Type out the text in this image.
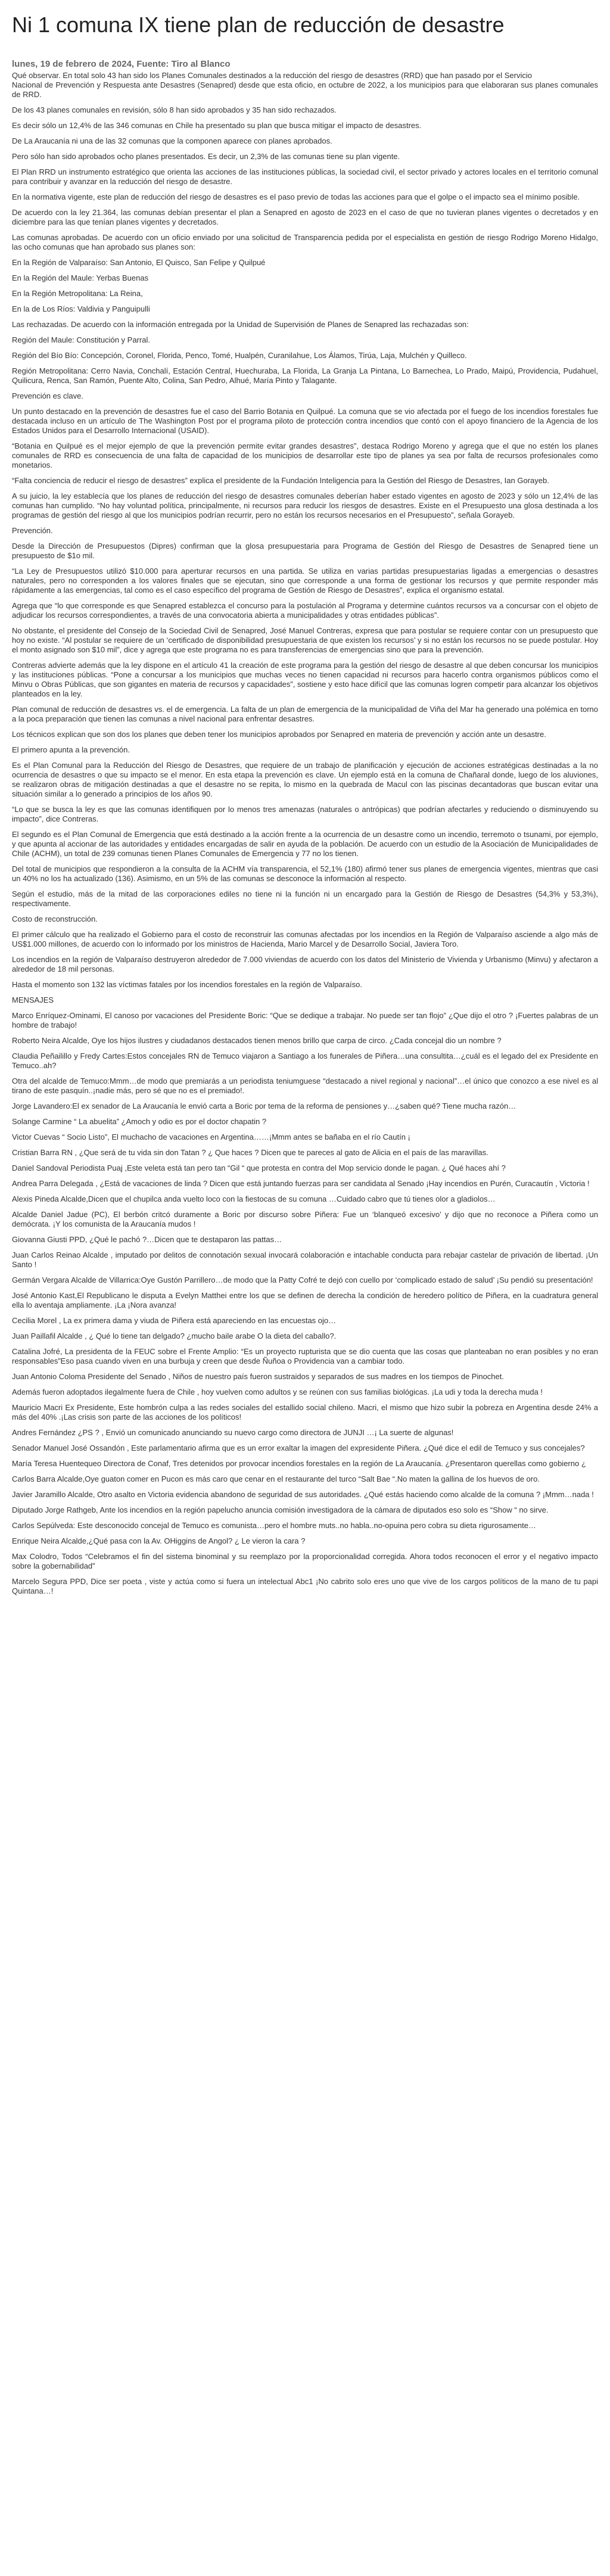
Ni 1 comuna IX tiene plan de reducción de desastre
lunes, 19 de febrero de 2024, Fuente: Tiro al Blanco

Qué observar. En total solo 43 han sido los Planes Comunales destinados a la reducción del riesgo de desastres (RRD) que han pasado por el Servicio
Nacional de Prevención y Respuesta ante Desastres (Senapred) desde que esta oficio, en octubre de 2022, a los municipios para que elaboraran sus planes comunales de RRD.

De los 43 planes comunales en revisión, sólo 8 han sido aprobados y 35 han sido rechazados.

Es decir sólo un 12,4% de las 346 comunas en Chile ha presentado su plan que busca mitigar el impacto de desastres.

De La Araucanía ni una de las 32 comunas que la componen aparece con planes aprobados.

Pero sólo han sido aprobados ocho planes presentados. Es decir, un 2,3% de las comunas tiene su plan vigente.

El Plan RRD un instrumento estratégico que orienta las acciones de las instituciones públicas, la sociedad civil, el sector privado y actores locales en el territorio comunal para contribuir y avanzar en la reducción del riesgo de desastre.

En la normativa vigente, este plan de reducción del riesgo de desastres es el paso previo de todas las acciones para que el golpe o el impacto sea el mínimo posible.

De acuerdo con la ley 21.364, las comunas debían presentar el plan a Senapred en agosto de 2023 en el caso de que no tuvieran planes vigentes o decretados y en diciembre para las que tenían planes vigentes y decretados.

Las comunas aprobadas. De acuerdo con un oficio enviado por una solicitud de Transparencia pedida por el especialista en gestión de riesgo Rodrigo Moreno Hidalgo, las ocho comunas que han aprobado sus planes son:

En la Región de Valparaíso: San Antonio, El Quisco, San Felipe y Quilpué

En la Región del Maule: Yerbas Buenas

En la Región Metropolitana: La Reina,

En la de Los Ríos: Valdivia y Panguipulli

Las rechazadas. De acuerdo con la información entregada por la Unidad de Supervisión de Planes de Senapred las rechazadas son:

Región del Maule: Constitución y Parral.

Región del Bío Bío: Concepción, Coronel, Florida, Penco, Tomé, Hualpén, Curanilahue, Los Álamos, Tirúa, Laja, Mulchén y Quilleco.

Región Metropolitana: Cerro Navia, Conchalí, Estación Central, Huechuraba, La Florida, La Granja La Pintana, Lo Barnechea, Lo Prado, Maipú, Providencia, Pudahuel, Quilicura, Renca, San Ramón, Puente Alto, Colina, San Pedro, Alhué, María Pinto y Talagante.

Prevención es clave.

Un punto destacado en la prevención de desastres fue el caso del Barrio Botania en Quilpué. La comuna que se vio afectada por el fuego de los incendios forestales fue destacada incluso en un artículo de The Washington Post por el programa piloto de protección contra incendios que contó con el apoyo financiero de la Agencia de los Estados Unidos para el Desarrollo Internacional (USAID).

“Botania en Quilpué es el mejor ejemplo de que la prevención permite evitar grandes desastres”, destaca Rodrigo Moreno y agrega que el que no estén los planes comunales de RRD es consecuencia de una falta de capacidad de los municipios de desarrollar este tipo de planes ya sea por falta de recursos profesionales como monetarios.

“Falta conciencia de reducir el riesgo de desastres” explica el presidente de la Fundación Inteligencia para la Gestión del Riesgo de Desastres, Ian Gorayeb.

A su juicio, la ley establecía que los planes de reducción del riesgo de desastres comunales deberían haber estado vigentes en agosto de 2023 y sólo un 12,4% de las comunas han cumplido. “No hay voluntad política, principalmente, ni recursos para reducir los riesgos de desastres. Existe en el Presupuesto una glosa destinada a los programas de gestión del riesgo al que los municipios podrían recurrir, pero no están los recursos necesarios en el Presupuesto”, señala Gorayeb.

Prevención.

Desde la Dirección de Presupuestos (Dipres) confirman que la glosa presupuestaria para Programa de Gestión del Riesgo de Desastres de Senapred tiene un presupuesto de $1o mil.

“La Ley de Presupuestos utilizó $10.000 para aperturar recursos en una partida. Se utiliza en varias partidas presupuestarias ligadas a emergencias o desastres naturales, pero no corresponden a los valores finales que se ejecutan, sino que corresponde a una forma de gestionar los recursos y que permite responder más rápidamente a las emergencias, tal como es el caso específico del programa de Gestión de Riesgo de Desastres”, explica el organismo estatal.

Agrega que “lo que corresponde es que Senapred establezca el concurso para la postulación al Programa y determine cuántos recursos va a concursar con el objeto de adjudicar los recursos correspondientes, a través de una convocatoria abierta a municipalidades y otras entidades públicas”.

No obstante, el presidente del Consejo de la Sociedad Civil de Senapred, José Manuel Contreras, expresa que para postular se requiere contar con un presupuesto que hoy no existe. “Al postular se requiere de un ‘certificado de disponibilidad presupuestaria de que existen los recursos’ y si no están los recursos no se puede postular. Hoy el monto asignado son $10 mil”, dice y agrega que este programa no es para transferencias de emergencias sino que para la prevención.

Contreras advierte además que la ley dispone en el artículo 41 la creación de este programa para la gestión del riesgo de desastre al que deben concursar los municipios y las instituciones públicas. “Pone a concursar a los municipios que muchas veces no tienen capacidad ni recursos para hacerlo contra organismos públicos como el Minvu o Obras Públicas, que son gigantes en materia de recursos y capacidades”, sostiene y esto hace difícil que las comunas logren competir para alcanzar los objetivos planteados en la ley.

Plan comunal de reducción de desastres vs. el de emergencia. La falta de un plan de emergencia de la municipalidad de Viña del Mar ha generado una polémica en torno a la poca preparación que tienen las comunas a nivel nacional para enfrentar desastres.

Los técnicos explican que son dos los planes que deben tener los municipios aprobados por Senapred en materia de prevención y acción ante un desastre.

El primero apunta a la prevención.

Es el Plan Comunal para la Reducción del Riesgo de Desastres, que requiere de un trabajo de planificación y ejecución de acciones estratégicas destinadas a la no ocurrencia de desastres o que su impacto se el menor. En esta etapa la prevención es clave. Un ejemplo está en la comuna de Chañaral donde, luego de los aluviones, se realizaron obras de mitigación destinadas a que el desastre no se repita, lo mismo en la quebrada de Macul con las piscinas decantadoras que buscan evitar una situación similar a lo generado a principios de los años 90.

“Lo que se busca la ley es que las comunas identifiquen por lo menos tres amenazas (naturales o antrópicas) que podrían afectarles y reduciendo o disminuyendo su impacto”, dice Contreras.

El segundo es el Plan Comunal de Emergencia que está destinado a la acción frente a la ocurrencia de un desastre como un incendio, terremoto o tsunami, por ejemplo, y que apunta al accionar de las autoridades y entidades encargadas de salir en ayuda de la población. De acuerdo con un estudio de la Asociación de Municipalidades de Chile (ACHM), un total de 239 comunas tienen Planes Comunales de Emergencia y 77 no los tienen.

Del total de municipios que respondieron a la consulta de la ACHM vía transparencia, el 52,1% (180) afirmó tener sus planes de emergencia vigentes, mientras que casi un 40% no los ha actualizado (136). Asimismo, en un 5% de las comunas se desconoce la información al respecto.

Según el estudio, más de la mitad de las corporaciones ediles no tiene ni la función ni un encargado para la Gestión de Riesgo de Desastres (54,3% y 53,3%), respectivamente.

Costo de reconstrucción.

El primer cálculo que ha realizado el Gobierno para el costo de reconstruir las comunas afectadas por los incendios en la Región de Valparaíso asciende a algo más de US$1.000 millones, de acuerdo con lo informado por los ministros de Hacienda, Mario Marcel y de Desarrollo Social, Javiera Toro.

Los incendios en la región de Valparaíso destruyeron alrededor de 7.000 viviendas de acuerdo con los datos del Ministerio de Vivienda y Urbanismo (Minvu) y afectaron a alrededor de 18 mil personas.

Hasta el momento son 132 las víctimas fatales por los incendios forestales en la región de Valparaíso.

MENSAJES

Marco Enríquez-Ominami, El canoso por vacaciones del Presidente Boric: “Que se dedique a trabajar. No puede ser tan flojo” ¿Que dijo el otro ? ¡Fuertes palabras de un hombre de trabajo!

Roberto Neira Alcalde, Oye los hijos ilustres y ciudadanos destacados tienen menos brillo que carpa de circo. ¿Cada concejal dio un nombre ?

Claudia Peñailillo y Fredy Cartes:Estos concejales RN de Temuco viajaron a Santiago a los funerales de Piñera…una consultita…¿cuál es el legado del ex Presidente en Temuco..ah?

Otra del alcalde de Temuco:Mmm…de modo que premiarás a un periodista teniumguese “destacado a nivel regional y nacional”…el único que conozco a ese nivel es al tirano de este pasquín..¡nadie más, pero sé que no es el premiado!.

Jorge Lavandero:El ex senador de La Araucanía le envió carta a Boric por tema de la reforma de pensiones y…¿saben qué? Tiene mucha razón…

Solange Carmine “ La abuelita” ¿Amoch y odio es por el doctor chapatin ?

Victor Cuevas “ Socio Listo”, El muchacho de vacaciones en Argentina……¡Mmm antes se bañaba en el río Cautín ¡

Cristian Barra RN , ¿Que será de tu vida sin don Tatan ? ¿ Que haces ? Dicen que te pareces al gato de Alicia en el país de las maravillas.

Daniel Sandoval Periodista Puaj ,Este veleta está tan pero tan “Gil “ que protesta en contra del Mop servicio donde le pagan. ¿ Qué haces ahí ?

Andrea Parra Delegada , ¿Está de vacaciones de linda ? Dicen que está juntando fuerzas para ser candidata al Senado ¡Hay incendios en Purén, Curacautín , Victoria !

Alexis Pineda Alcalde,Dicen que el chupilca anda vuelto loco con la fiestocas de su comuna …Cuidado cabro que tú tienes olor a gladiolos…

Alcalde Daniel Jadue (PC), El berbón critcó duramente a Boric por discurso sobre Piñera: Fue un ‘blanqueó excesivo’ y dijo que no reconoce a Piñera como un demócrata. ¡Y los comunista de la Araucanía mudos !

Giovanna Giusti PPD, ¿Qué le pachó ?…Dicen que te destaparon las pattas…

Juan Carlos Reinao Alcalde , imputado por delitos de connotación sexual invocará colaboración e intachable conducta para rebajar castelar de privación de libertad. ¡Un Santo !

Germán Vergara Alcalde de Villarrica:Oye Gustón Parrillero…de modo que la Patty Cofré te dejó con cuello por ‘complicado estado de salud’ ¡Su pendió su presentación!

José Antonio Kast,El Republicano le disputa a Evelyn Matthei entre los que se definen de derecha la condición de heredero político de Piñera, en la cuadratura general ella lo aventaja ampliamente. ¡La ¡Nora avanza!

Cecilia Morel , La ex primera dama y viuda de Piñera está apareciendo en las encuestas ojo…

Juan Paillafil Alcalde , ¿ Qué lo tiene tan delgado? ¿mucho baile arabe O la dieta del caballo?.

Catalina Jofré, La presidenta de la FEUC sobre el Frente Amplio: “Es un proyecto rupturista que se dio cuenta que las cosas que planteaban no eran posibles y no eran responsables”Eso pasa cuando viven en una burbuja y creen que desde Ñuñoa o Providencia van a cambiar todo.

Juan Antonio Coloma Presidente del Senado , Niños de nuestro país fueron sustraidos y separados de sus madres en los tiempos de Pinochet.

Además fueron adoptados ilegalmente fuera de Chile , hoy vuelven como adultos y se reúnen con sus familias biológicas. ¡La udi y toda la derecha muda !

Mauricio Macri Ex Presidente, Este hombrón culpa a las redes sociales del estallido social chileno. Macri, el mismo que hizo subir la pobreza en Argentina desde 24% a más del 40% .¡Las crisis son parte de las acciones de los políticos!

Andres Fernández ¿PS ? , Envió un comunicado anunciando su nuevo cargo como directora de JUNJI …¡ La suerte de algunas!

Senador Manuel José Ossandón , Este parlamentario afirma que es un error exaltar la imagen del expresidente Piñera. ¿Qué dice el edil de Temuco y sus concejales?

María Teresa Huentequeo Directora de Conaf, Tres detenidos por provocar incendios forestales en la región de La Araucanía. ¿Presentaron querellas como gobierno ¿

Carlos Barra Alcalde,Oye guaton comer en Pucon es más caro que cenar en el restaurante del turco “Salt Bae “.No maten la gallina de los huevos de oro.

Javier Jaramillo Alcalde, Otro asalto en Victoria evidencia abandono de seguridad de sus autoridades. ¿Qué estás haciendo como alcalde de la comuna ? ¡Mmm…nada !

Diputado Jorge Rathgeb, Ante los incendios en la región papelucho anuncia comisión investigadora de la cámara de diputados eso solo es “Show “ no sirve.

Carlos Sepúlveda: Este desconocido concejal de Temuco es comunista…pero el hombre muts..no habla..no-opuina pero cobra su dieta rigurosamente…

Enrique Neira Alcalde,¿Qué pasa con la Av. OHiggins de Angol? ¿ Le vieron la cara ?

Max Colodro, Todos “Celebramos el fin del sistema binominal y su reemplazo por la proporcionalidad corregida. Ahora todos reconocen el error y el negativo impacto sobre la gobernabilidad”

Marcelo Segura PPD, Dice ser poeta , viste y actúa como si fuera un intelectual Abc1 ¡No cabrito solo eres uno que vive de los cargos políticos de la mano de tu papi Quintana…!
